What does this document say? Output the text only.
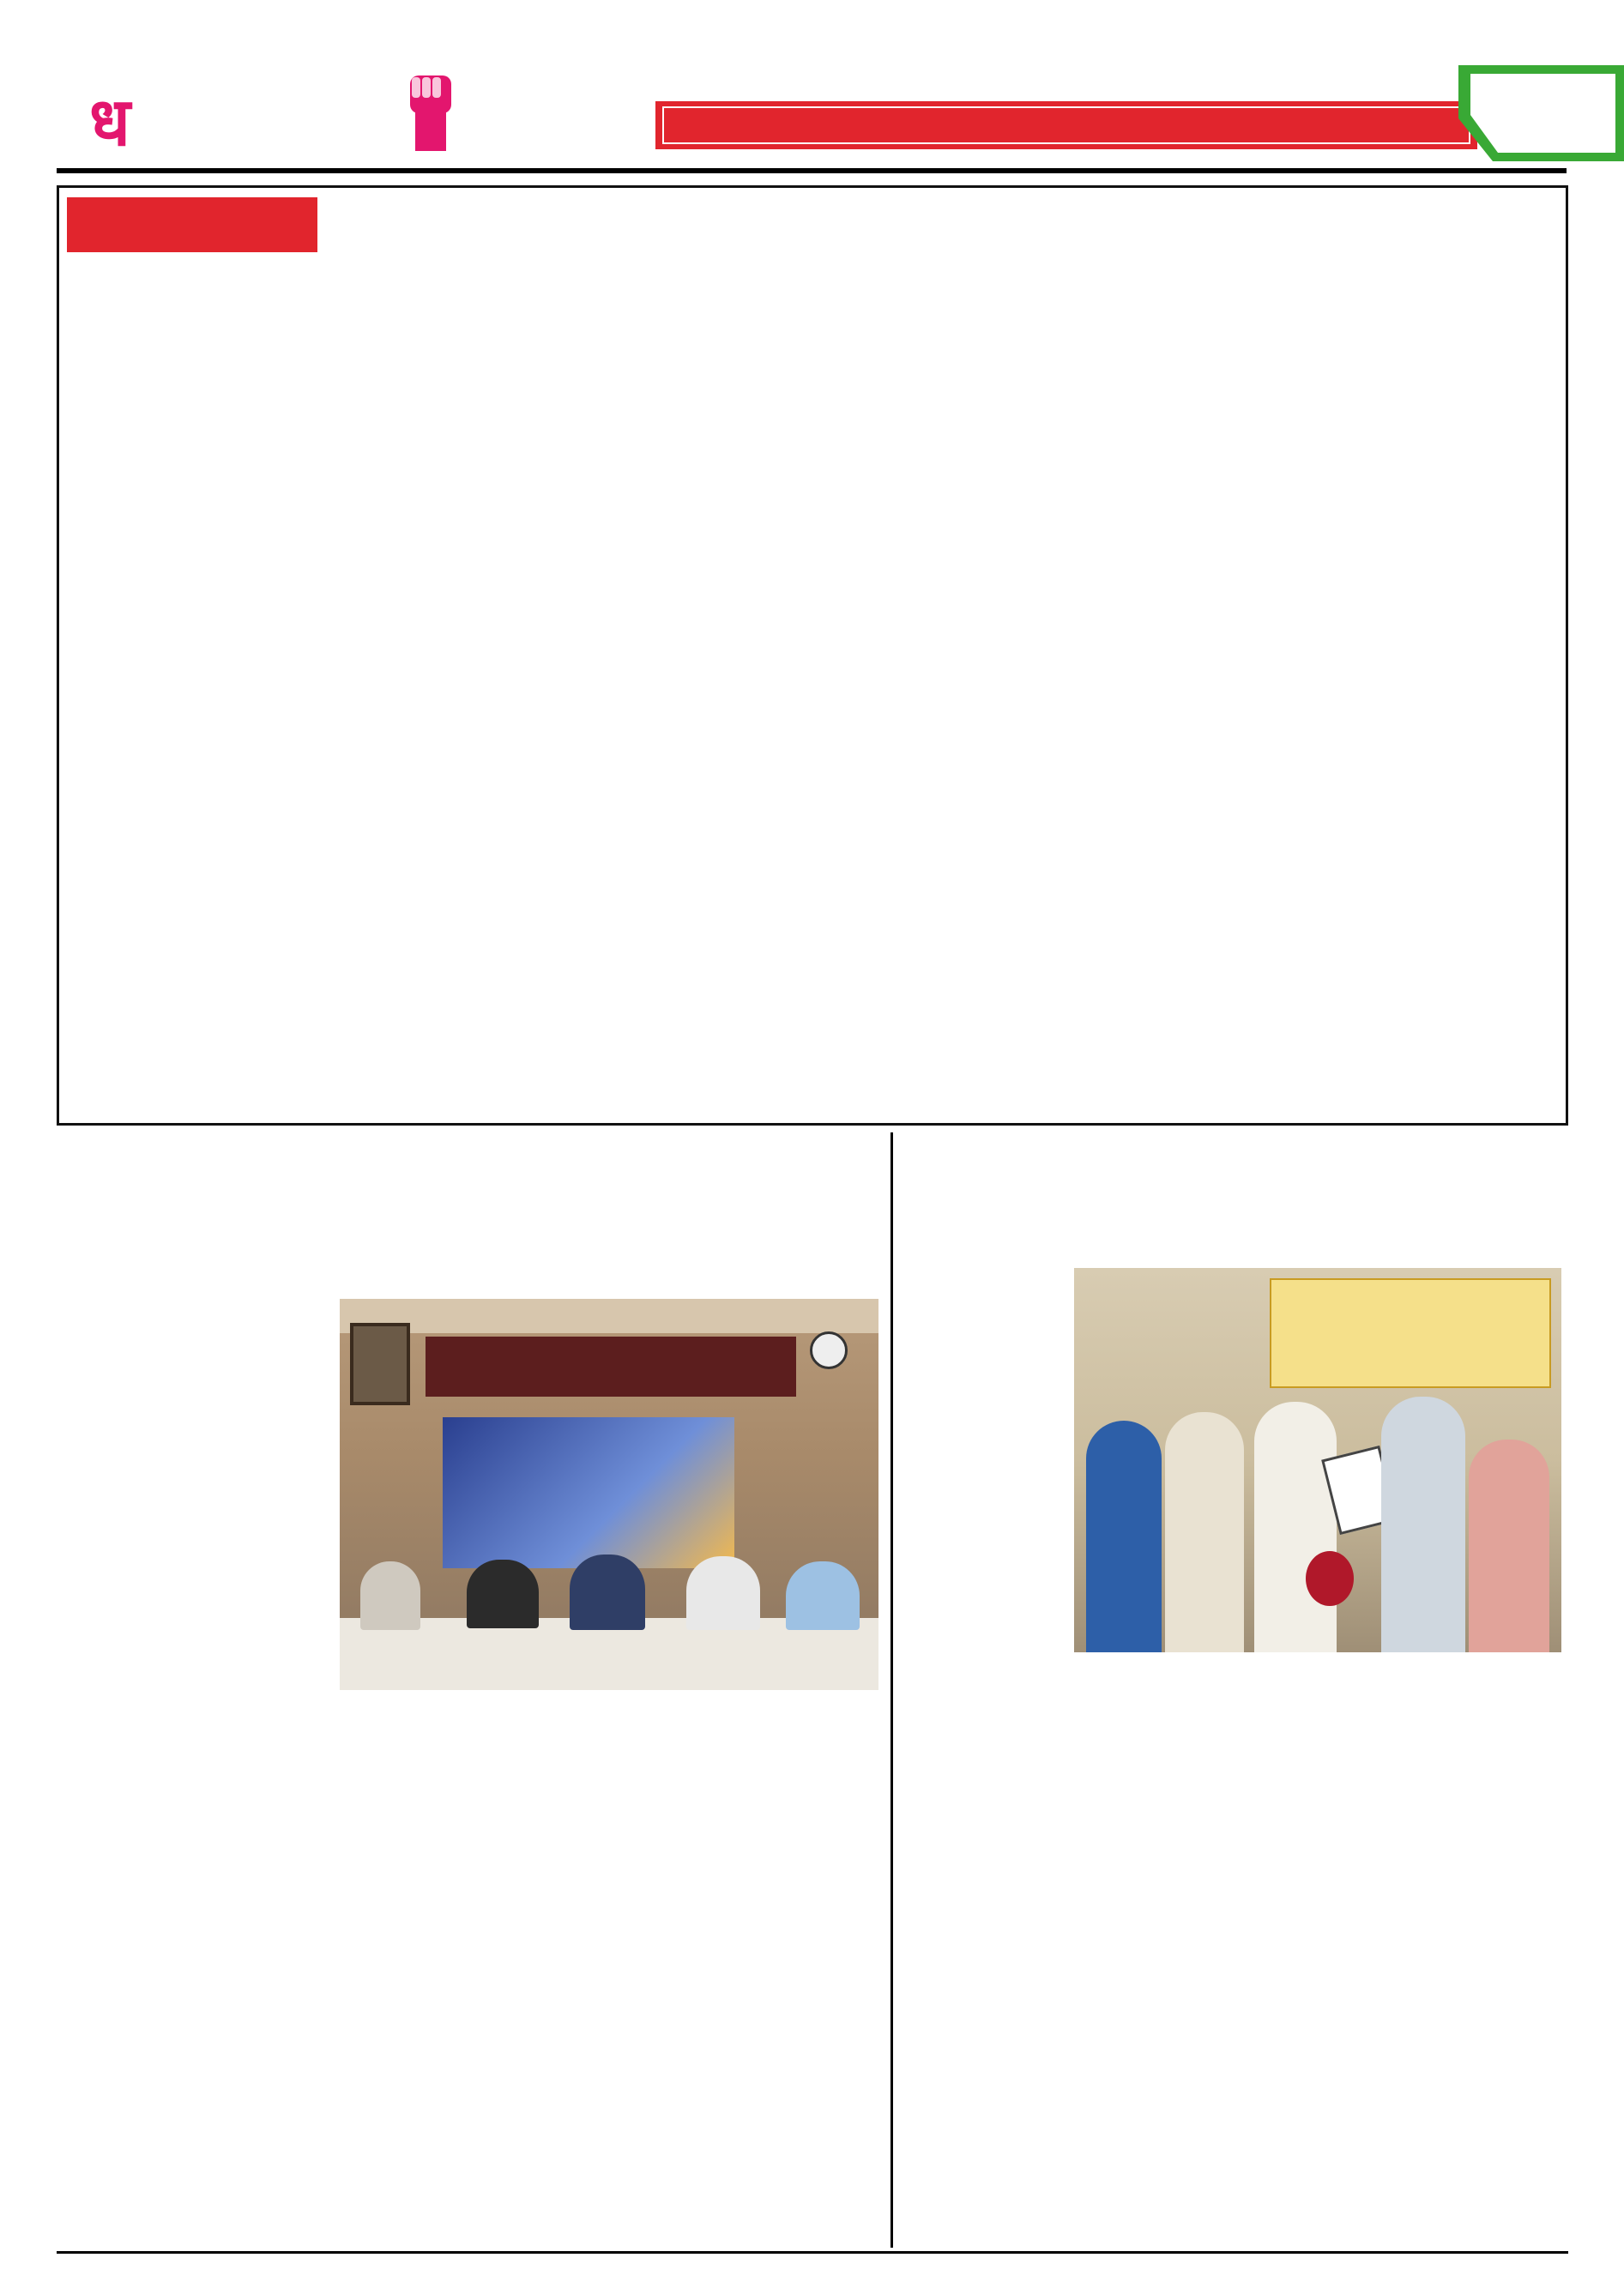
ध
